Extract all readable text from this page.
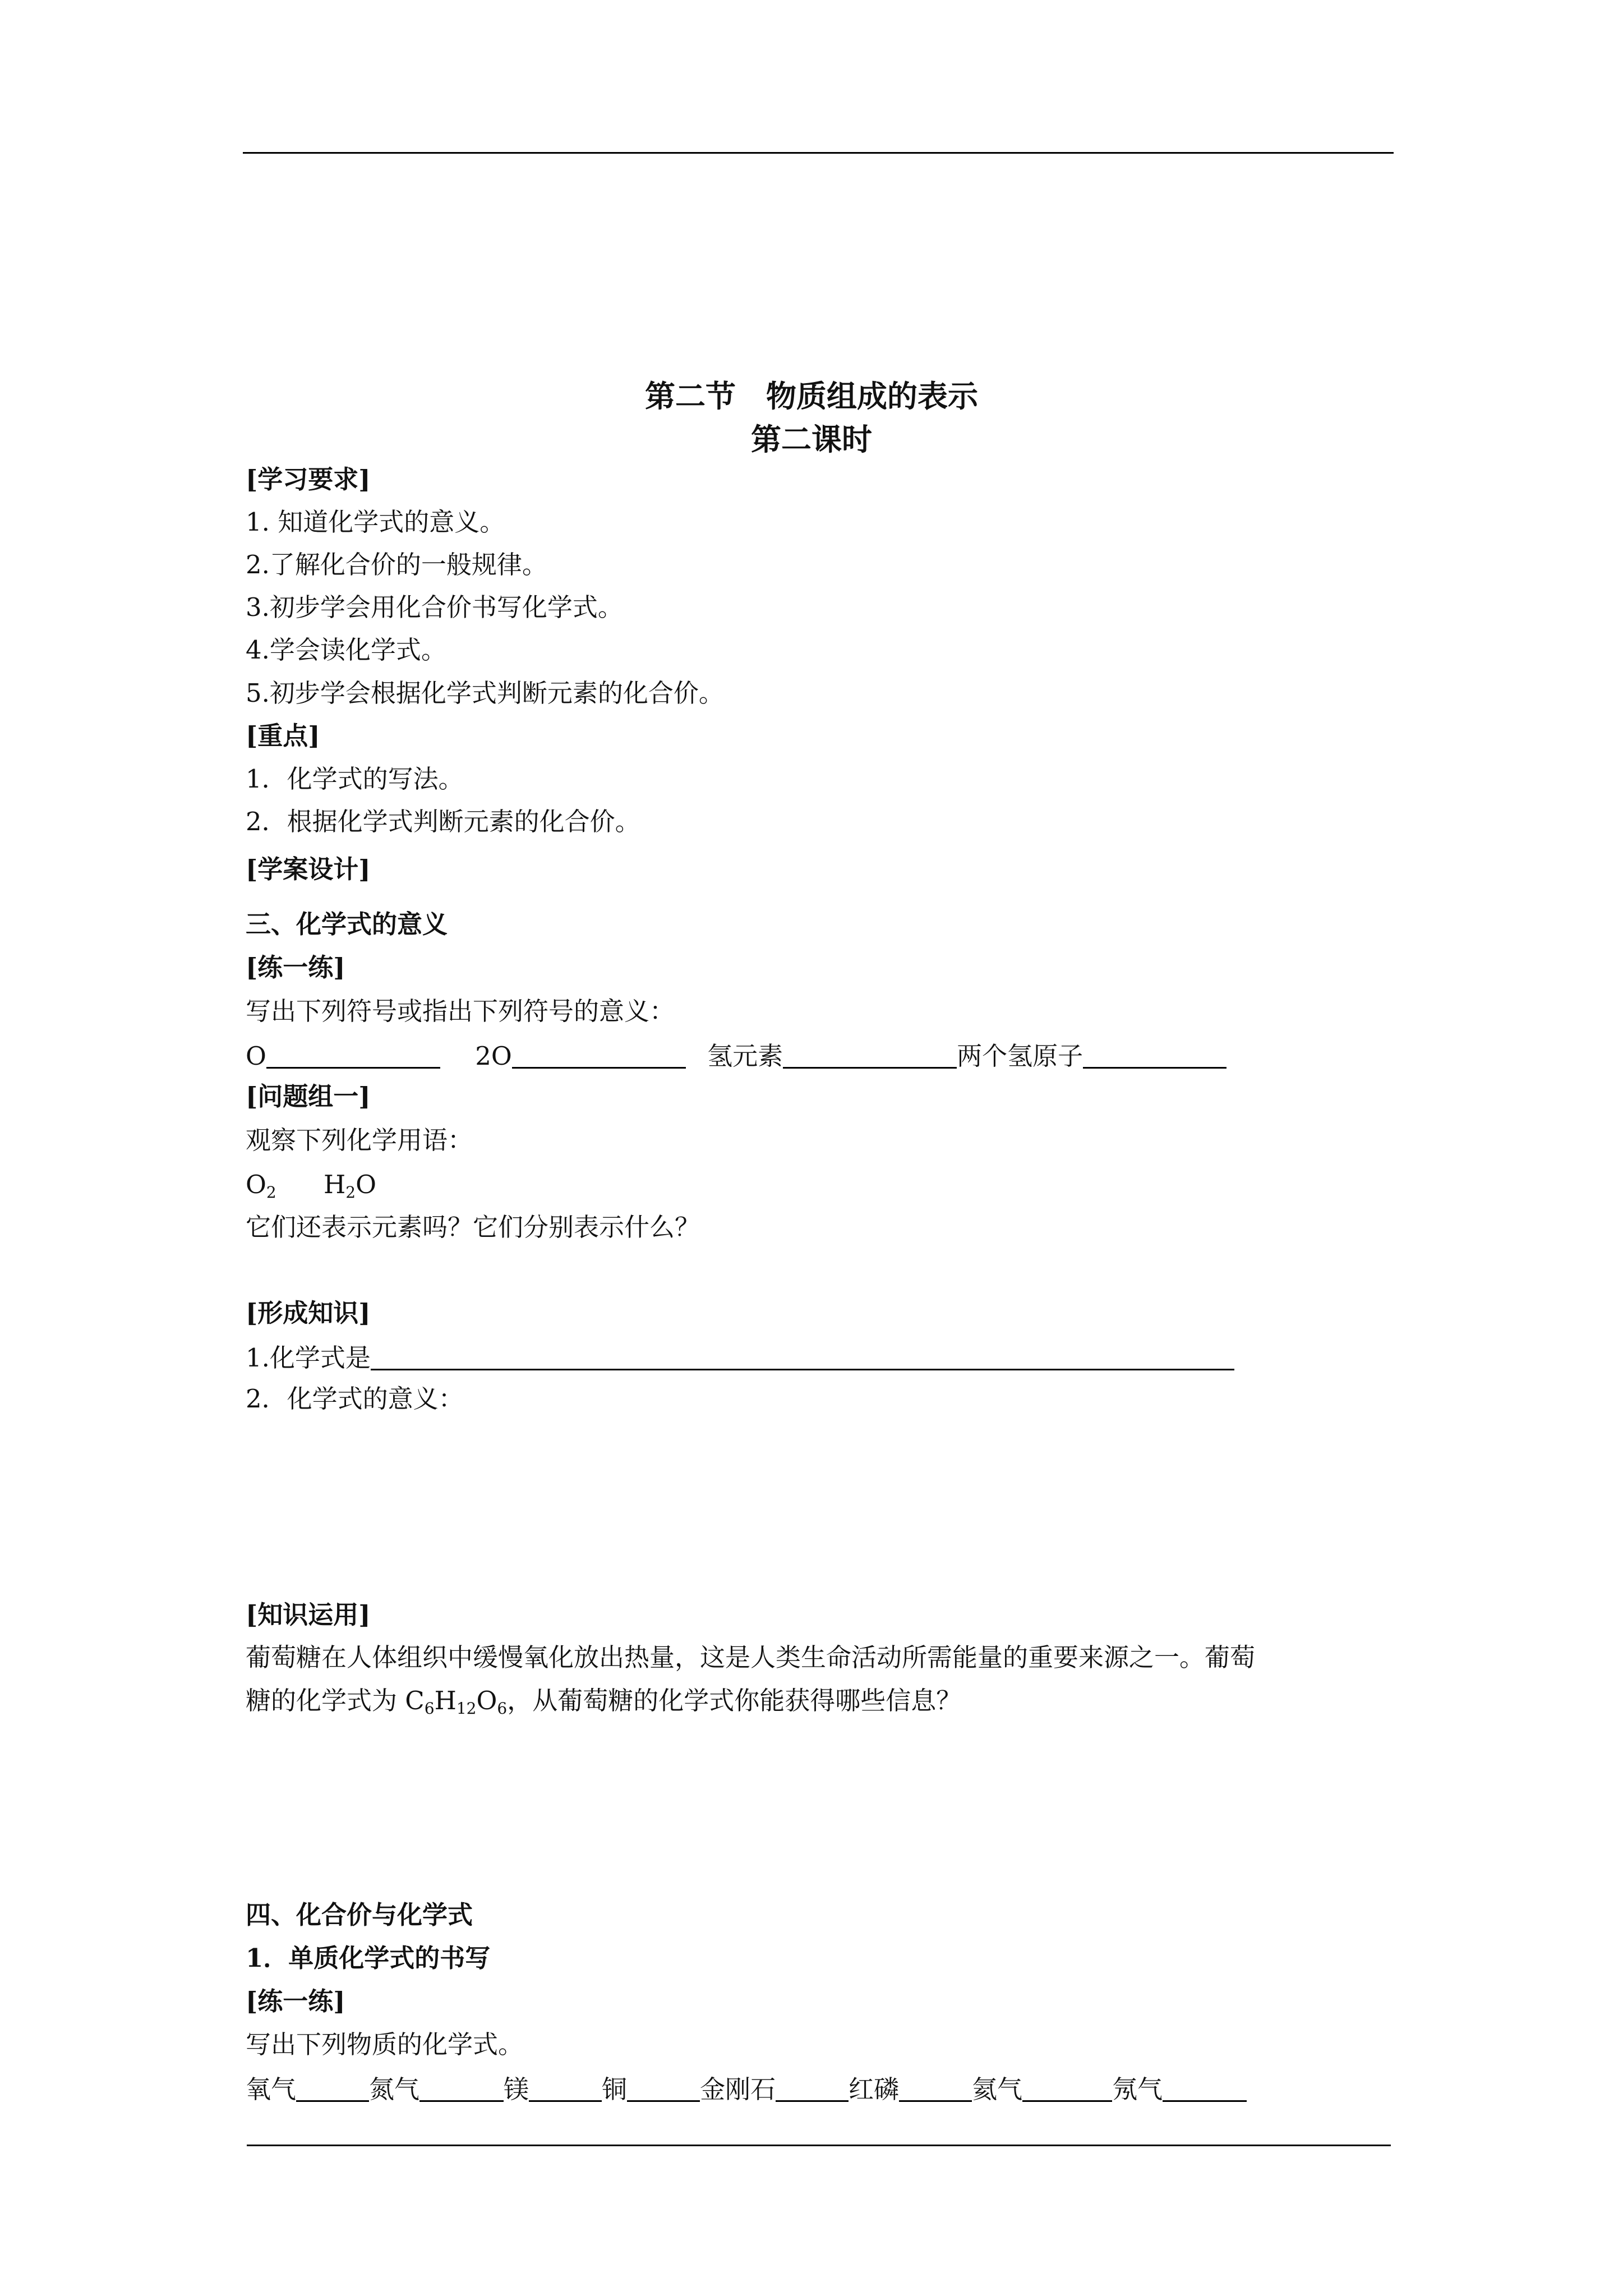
第二节　物质组成的表示
第二课时
[学习要求]
1. 知道化学式的意义。
2.了解化合价的一般规律。
3.初步学会用化合价书写化学式。
4.学会读化学式。
5.初步学会根据化学式判断元素的化合价。
[重点]
1．化学式的写法。
2．根据化学式判断元素的化合价。
[学案设计]
三、化学式的意义
[练一练]
写出下列符号或指出下列符号的意义：
O	2O	氢元素	两个氢原子
[问题组一]
观察下列化学用语：
$O_2$ $H_2O$
它们还表示元素吗？它们分别表示什么？
[形成知识]
1.化学式是
2．化学式的意义：
[知识运用]
葡萄糖在人体组织中缓慢氧化放出热量，这是人类生命活动所需能量的重要来源之一。葡萄
糖的化学式为 $C_6H_{12}O_6$，从葡萄糖的化学式你能获得哪些信息？
四、化合价与化学式
1．单质化学式的书写
[练一练]
写出下列物质的化学式。
氧气	氮气	镁	铜	金刚石	红磷	氦气	氖气
